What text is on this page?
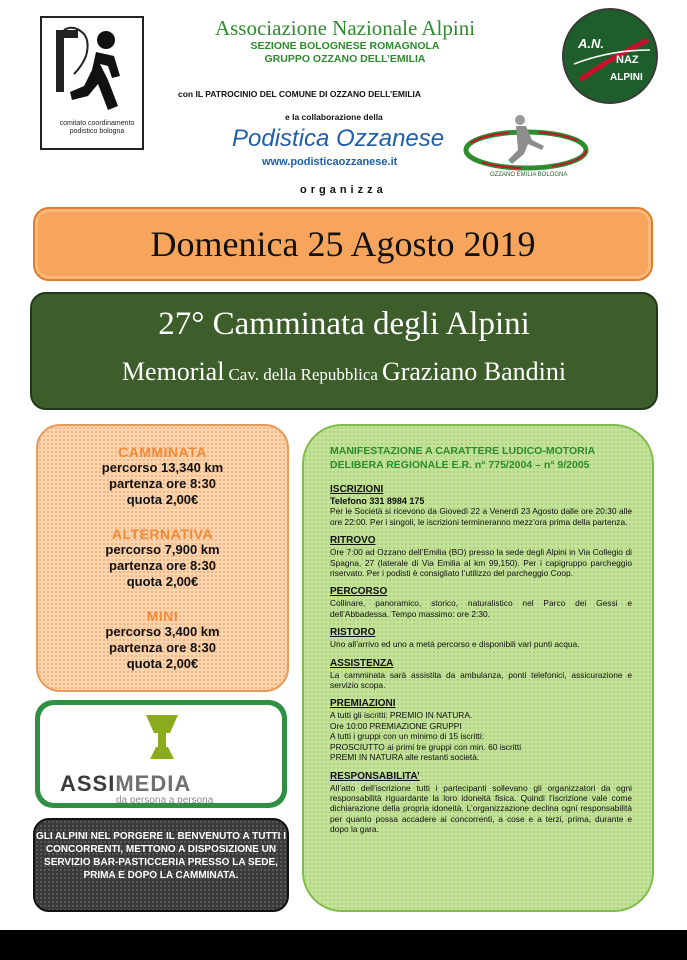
comitato coordinamento podistico bologna
Associazione Nazionale Alpini
SEZIONE BOLOGNESE ROMAGNOLA
GRUPPO OZZANO DELL’EMILIA
con IL PATROCINIO DEL COMUNE DI OZZANO DELL’EMILIA
e la collaborazione della
Podistica Ozzanese
www.podisticaozzanese.it
organizza
A.N.
NAZ
ALPINI
OZZANO EMILIA BOLOGNA
Domenica 25 Agosto 2019
27° Camminata degli Alpini
Memorial Cav. della Repubblica Graziano Bandini
CAMMINATA
percorso 13,340 km
partenza ore 8:30
quota 2,00€
ALTERNATIVA
percorso 7,900 km
partenza ore 8:30
quota 2,00€
MINI
percorso 3,400 km
partenza ore 8:30
quota 2,00€
ASSIMEDIA
da persona a persona
GLI ALPINI NEL PORGERE IL BENVENUTO A TUTTI I CONCORRENTI, METTONO A DISPOSIZIONE UN SERVIZIO BAR-PASTICCERIA PRESSO LA SEDE, PRIMA E DOPO LA CAMMINATA.
MANIFESTAZIONE A CARATTERE LUDICO-MOTORIA
DELIBERA REGIONALE E.R. n° 775/2004 – n° 9/2005
ISCRIZIONI
Telefono 331 8984 175
Per le Società si ricevono da Giovedì 22 a Venerdì 23 Agosto dalle ore 20:30 alle ore 22:00. Per i singoli, le iscrizioni termineranno mezz’ora prima della partenza.
RITROVO
Ore 7:00 ad Ozzano dell’Emilia (BO) presso la sede degli Alpini in Via Collegio di Spagna, 27 (laterale di Via Emilia al km 99,150). Per i capigruppo parcheggio riservato. Per i podisti è consigliato l’utilizzo del parcheggio Coop.
PERCORSO
Collinare, panoramico, storico, naturalistico nel Parco dei Gessi e dell’Abbadessa. Tempo massimo: ore 2:30.
RISTORO
Uno all’arrivo ed uno a metà percorso e disponibili vari punti acqua.
ASSISTENZA
La camminata sarà assistita da ambulanza, ponti telefonici, assicurazione e servizio scopa.
PREMIAZIONI
A tutti gli iscritti: PREMIO IN NATURA.
Ore 10:00 PREMIAZIONE GRUPPI
A tutti i gruppi con un minimo di 15 iscritti:
PROSCIUTTO ai primi tre gruppi con min. 60 iscritti
PREMI IN NATURA alle restanti società.
RESPONSABILITA’
All’atto dell’iscrizione tutti i partecipanti sollevano gli organizzatori da ogni responsabilità riguardante la loro idoneità fisica. Quindi l’iscrizione vale come dichiarazione della propria idoneità. L’organizzazione declina ogni responsabilità per quanto possa accadere ai concorrenti, a cose e a terzi, prima, durante e dopo la gara.
